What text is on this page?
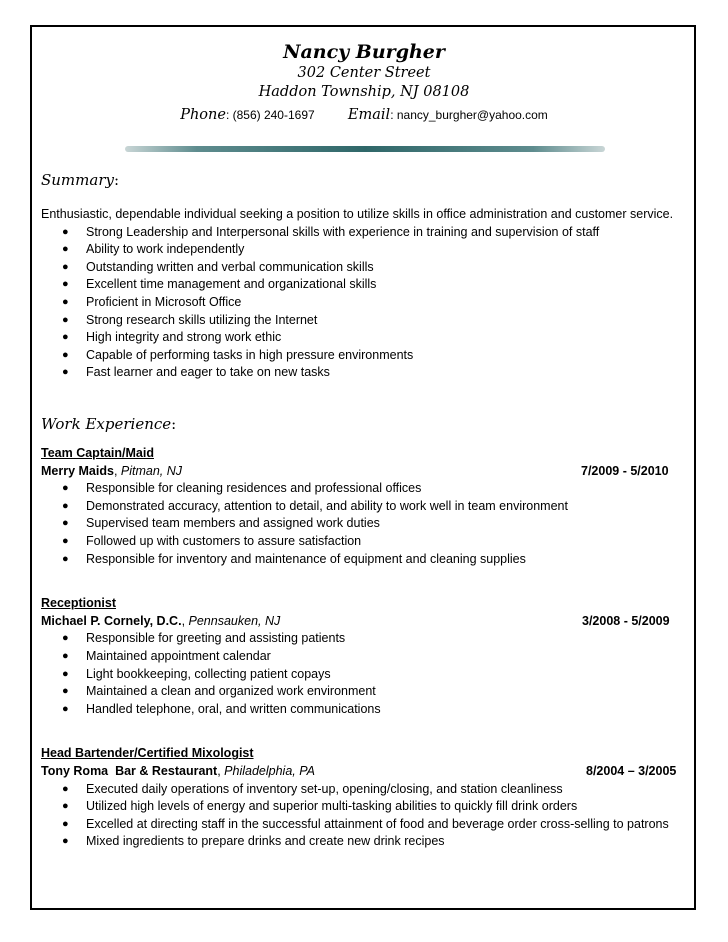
Nancy Burgher
302 Center Street
Haddon Township, NJ 08108
Phone: (856) 240-1697 Email: nancy_burgher@yahoo.com
Summary:
Enthusiastic, dependable individual seeking a position to utilize skills in office administration and customer service.
● Strong Leadership and Interpersonal skills with experience in training and supervision of staff
● Ability to work independently
● Outstanding written and verbal communication skills
● Excellent time management and organizational skills
● Proficient in Microsoft Office
● Strong research skills utilizing the Internet
● High integrity and strong work ethic
● Capable of performing tasks in high pressure environments
● Fast learner and eager to take on new tasks
Work Experience:
Team Captain/Maid
Merry Maids, Pitman, NJ	7/2009 - 5/2010
● Responsible for cleaning residences and professional offices
● Demonstrated accuracy, attention to detail, and ability to work well in team environment
● Supervised team members and assigned work duties
● Followed up with customers to assure satisfaction
● Responsible for inventory and maintenance of equipment and cleaning supplies
Receptionist
Michael P. Cornely, D.C., Pennsauken, NJ	3/2008 - 5/2009
● Responsible for greeting and assisting patients
● Maintained appointment calendar
● Light bookkeeping, collecting patient copays
● Maintained a clean and organized work environment
● Handled telephone, oral, and written communications
Head Bartender/Certified Mixologist
Tony Roma  Bar & Restaurant, Philadelphia, PA	8/2004 – 3/2005
● Executed daily operations of inventory set-up, opening/closing, and station cleanliness
● Utilized high levels of energy and superior multi-tasking abilities to quickly fill drink orders
● Excelled at directing staff in the successful attainment of food and beverage order cross-selling to patrons
● Mixed ingredients to prepare drinks and create new drink recipes
